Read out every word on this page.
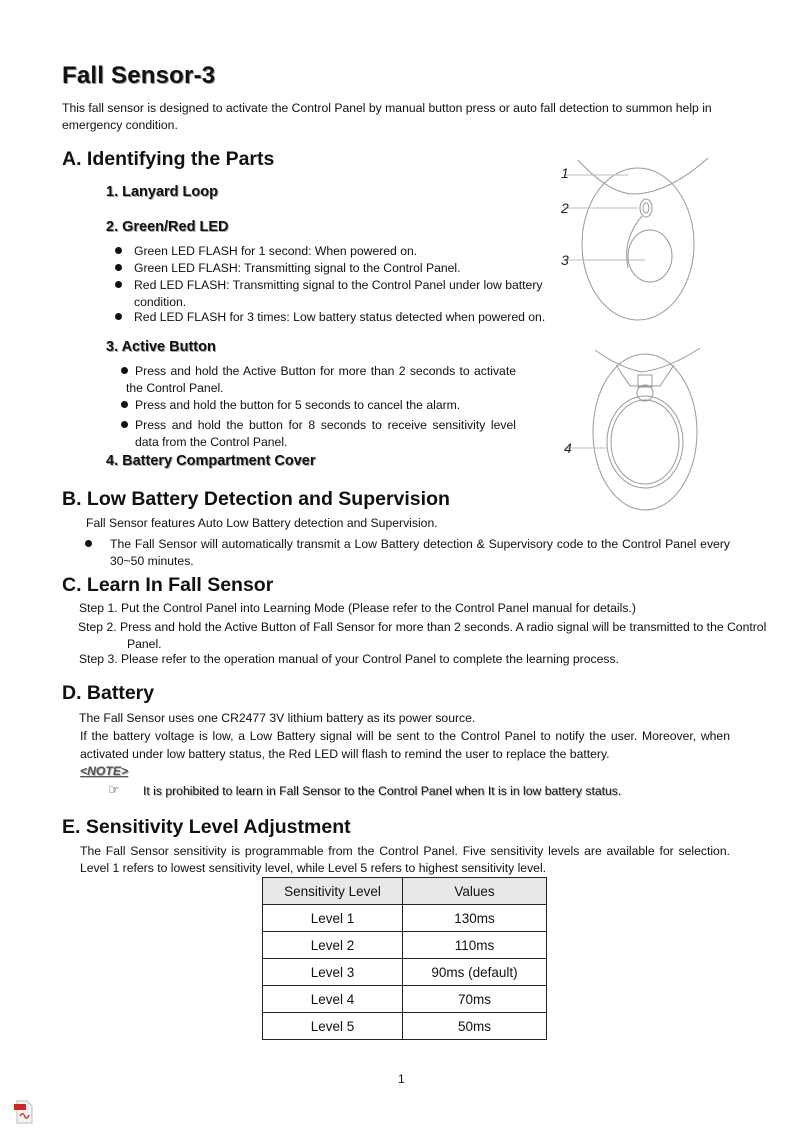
Fall Sensor-3
This fall sensor is designed to activate the Control Panel by manual button press or auto fall detection to summon help in emergency condition.
A. Identifying the Parts
1. Lanyard Loop
2. Green/Red LED
Green LED FLASH for 1 second: When powered on.
Green LED FLASH: Transmitting signal to the Control Panel.
Red LED FLASH: Transmitting signal to the Control Panel under low battery condition.
Red LED FLASH for 3 times: Low battery status detected when powered on.
3. Active Button
Press and hold the Active Button for more than 2 seconds to activate the Control Panel.
Press and hold the button for 5 seconds to cancel the alarm.
Press and hold the button for 8 seconds to receive sensitivity level data from the Control Panel.
4. Battery Compartment Cover
1
2
3
4
B. Low Battery Detection and Supervision
Fall Sensor features Auto Low Battery detection and Supervision.
The Fall Sensor will automatically transmit a Low Battery detection & Supervisory code to the Control Panel every 30~50 minutes.
C. Learn In Fall Sensor
Step 1. Put the Control Panel into Learning Mode (Please refer to the Control Panel manual for details.)
Step 2. Press and hold the Active Button of Fall Sensor for more than 2 seconds. A radio signal will be transmitted to the Control Panel.
Step 3. Please refer to the operation manual of your Control Panel to complete the learning process.
D. Battery
The Fall Sensor uses one CR2477 3V lithium battery as its power source.
If the battery voltage is low, a Low Battery signal will be sent to the Control Panel to notify the user. Moreover, when activated under low battery status, the Red LED will flash to remind the user to replace the battery.
<NOTE>
☞ It is prohibited to learn in Fall Sensor to the Control Panel when It is in low battery status.
E. Sensitivity Level Adjustment
The Fall Sensor sensitivity is programmable from the Control Panel. Five sensitivity levels are available for selection. Level 1 refers to lowest sensitivity level, while Level 5 refers to highest sensitivity level.
Sensitivity Level	Values
Level 1	130ms
Level 2	110ms
Level 3	90ms (default)
Level 4	70ms
Level 5	50ms
1
